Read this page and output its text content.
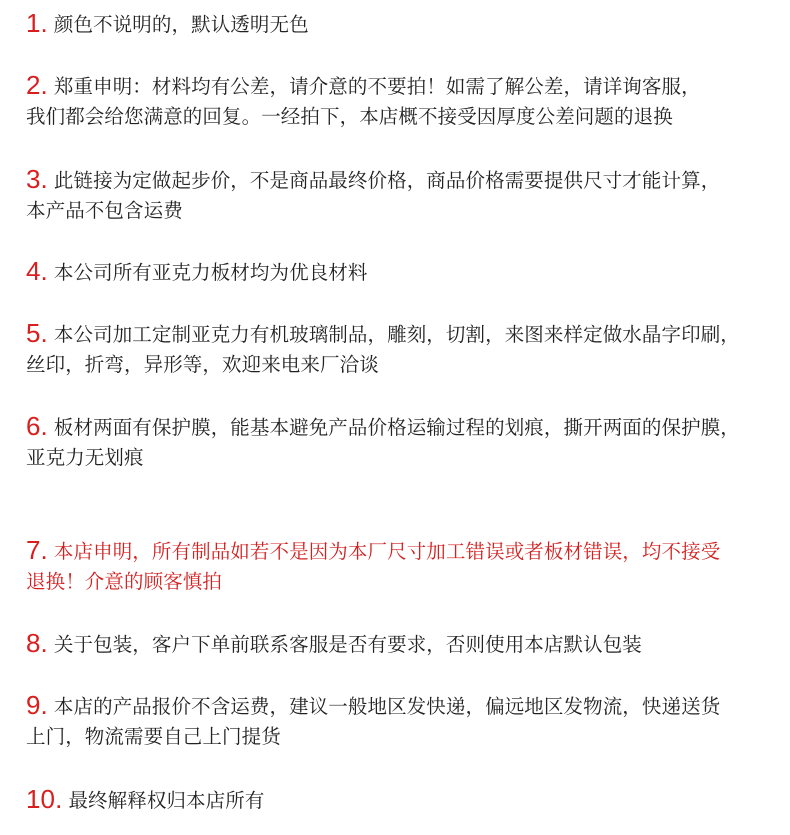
1. 颜色不说明的，默认透明无色
2. 郑重申明：材料均有公差，请介意的不要拍！如需了解公差，请详询客服，
我们都会给您满意的回复。一经拍下，本店概不接受因厚度公差问题的退换
3. 此链接为定做起步价，不是商品最终价格，商品价格需要提供尺寸才能计算，
本产品不包含运费
4. 本公司所有亚克力板材均为优良材料
5. 本公司加工定制亚克力有机玻璃制品，雕刻，切割，来图来样定做水晶字印刷，
丝印，折弯，异形等，欢迎来电来厂洽谈
6. 板材两面有保护膜，能基本避免产品价格运输过程的划痕，撕开两面的保护膜，
亚克力无划痕
7. 本店申明，所有制品如若不是因为本厂尺寸加工错误或者板材错误，均不接受
退换！介意的顾客慎拍
8. 关于包装，客户下单前联系客服是否有要求，否则使用本店默认包装
9. 本店的产品报价不含运费，建议一般地区发快递，偏远地区发物流，快递送货
上门，物流需要自己上门提货
10. 最终解释权归本店所有
